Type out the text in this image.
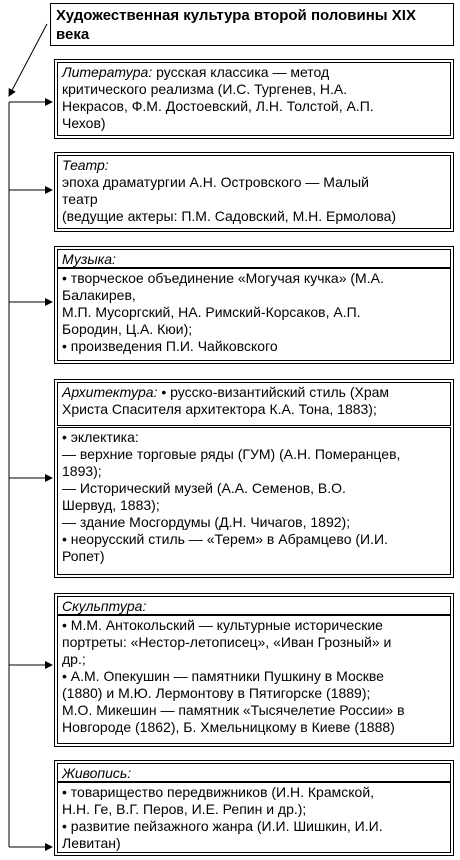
Художественная культура второй половины XIX века
Литература: русская классика — метод
критического реализма (И.С. Тургенев, Н.А.
Некрасов, Ф.М. Достоевский, Л.Н. Толстой, А.П.
Чехов)
Театр:
эпоха драматургии А.Н. Островского — Малый
театр
(ведущие актеры: П.М. Садовский, М.Н. Ермолова)
Музыка:
• творческое объединение «Могучая кучка» (М.А.
Балакирев,
М.П. Мусоргский, НА. Римский-Корсаков, А.П.
Бородин, Ц.А. Кюи);
• произведения П.И. Чайковского
Архитектура: • русско-византийский стиль (Храм
Христа Спасителя архитектора К.А. Тона, 1883);
• эклектика:
— верхние торговые ряды (ГУМ) (А.Н. Померанцев,
1893);
— Исторический музей (А.А. Семенов, В.О.
Шервуд, 1883);
— здание Мосгордумы (Д.Н. Чичагов, 1892);
• неорусский стиль — «Терем» в Абрамцево (И.И.
Ропет)
Скульптура:
• М.М. Антокольский — культурные исторические
портреты: «Нестор-летописец», «Иван Грозный» и
др.;
• А.М. Опекушин — памятники Пушкину в Москве
(1880) и М.Ю. Лермонтову в Пятигорске (1889);
М.О. Микешин — памятник «Тысячелетие России» в
Новгороде (1862), Б. Хмельницкому в Киеве (1888)
Живопись:
• товарищество передвижников (И.Н. Крамской,
Н.Н. Ге, В.Г. Перов, И.Е. Репин и др.);
• развитие пейзажного жанра (И.И. Шишкин, И.И.
Левитан)
